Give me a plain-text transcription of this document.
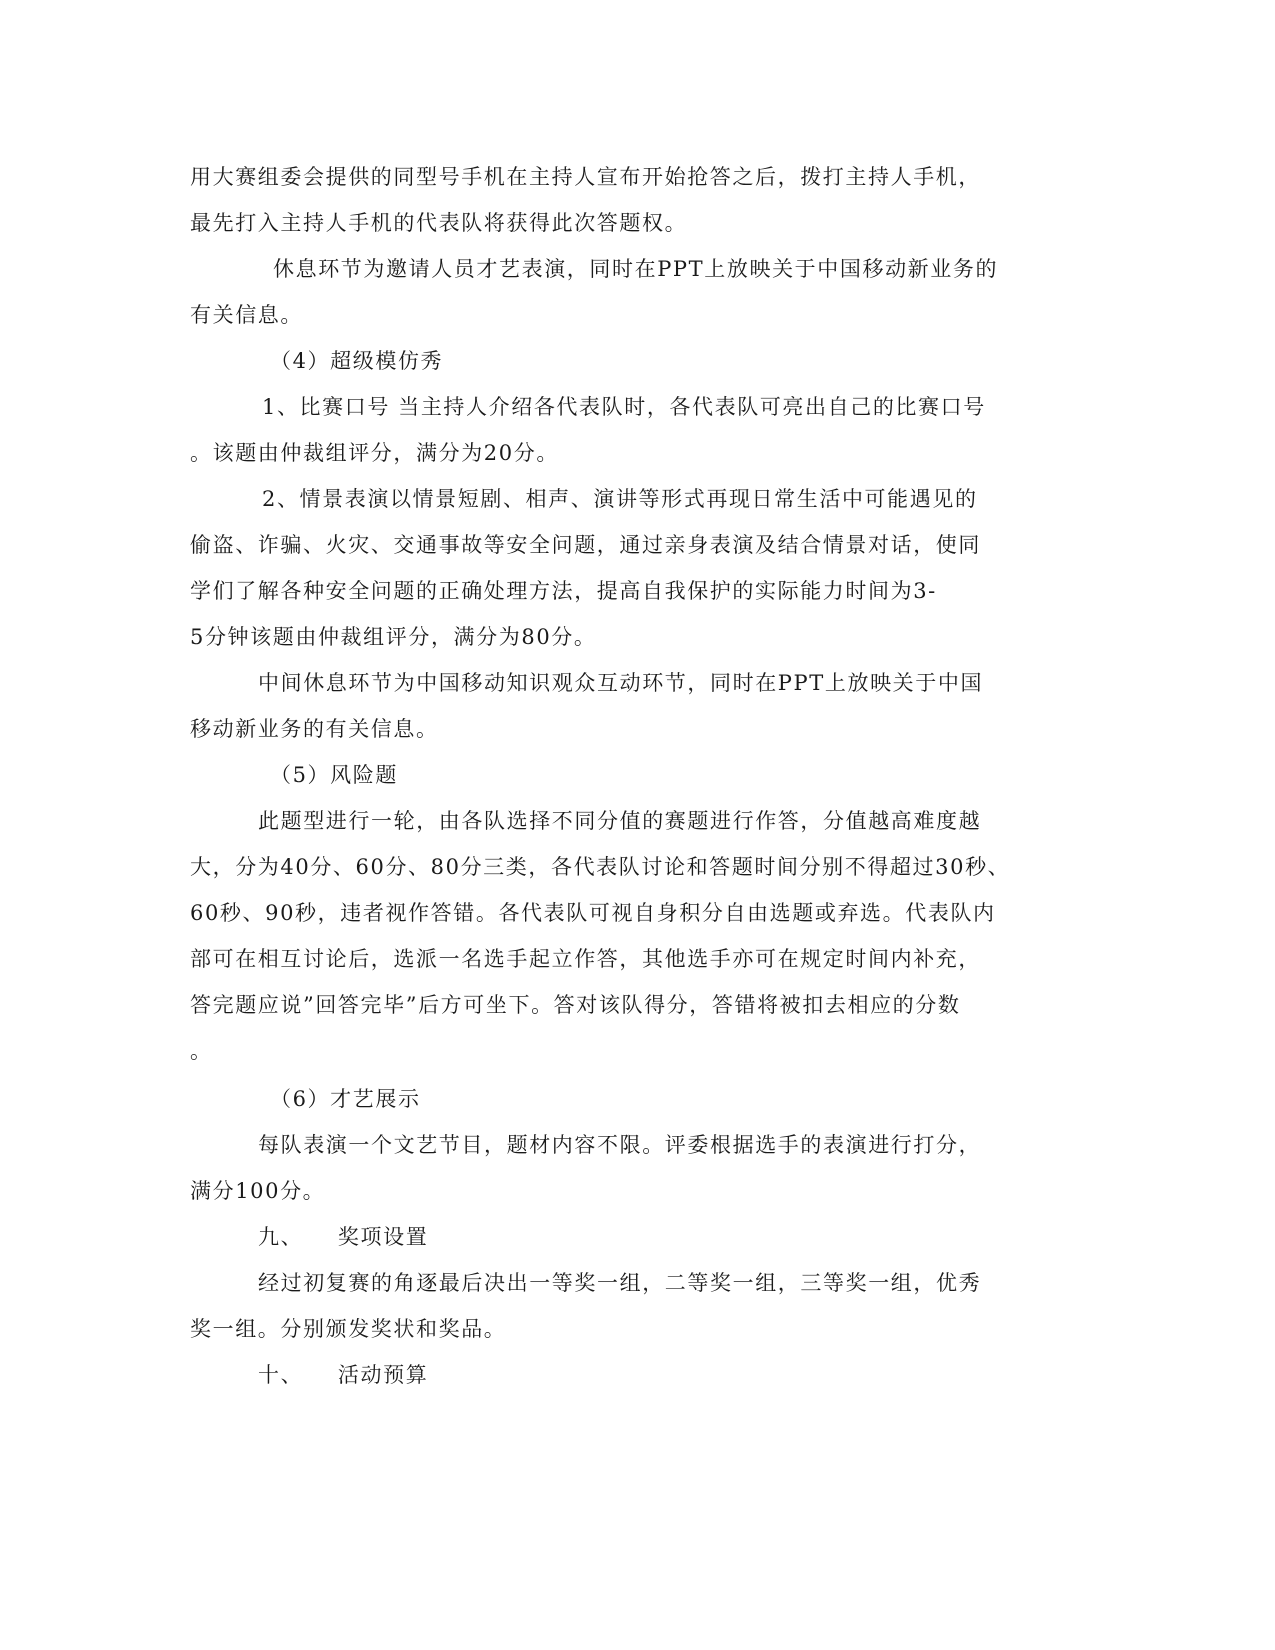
用大赛组委会提供的同型号手机在主持人宣布开始抢答之后，拨打主持人手机，

最先打入主持人手机的代表队将获得此次答题权。

休息环节为邀请人员才艺表演，同时在PPT上放映关于中国移动新业务的

有关信息。

（4）超级模仿秀

1、比赛口号 当主持人介绍各代表队时，各代表队可亮出自己的比赛口号

。该题由仲裁组评分，满分为20分。

2、情景表演以情景短剧、相声、演讲等形式再现日常生活中可能遇见的

偷盗、诈骗、火灾、交通事故等安全问题，通过亲身表演及结合情景对话，使同

学们了解各种安全问题的正确处理方法，提高自我保护的实际能力时间为3-

5分钟该题由仲裁组评分，满分为80分。

中间休息环节为中国移动知识观众互动环节，同时在PPT上放映关于中国

移动新业务的有关信息。

（5）风险题

此题型进行一轮，由各队选择不同分值的赛题进行作答，分值越高难度越

大，分为40分、60分、80分三类，各代表队讨论和答题时间分别不得超过30秒、

60秒、90秒，违者视作答错。各代表队可视自身积分自由选题或弃选。代表队内

部可在相互讨论后，选派一名选手起立作答，其他选手亦可在规定时间内补充，

答完题应说”回答完毕”后方可坐下。答对该队得分，答错将被扣去相应的分数

。

（6）才艺展示

每队表演一个文艺节目，题材内容不限。评委根据选手的表演进行打分，

满分100分。

九、　　奖项设置

经过初复赛的角逐最后决出一等奖一组，二等奖一组，三等奖一组，优秀

奖一组。分别颁发奖状和奖品。

十、　　活动预算
